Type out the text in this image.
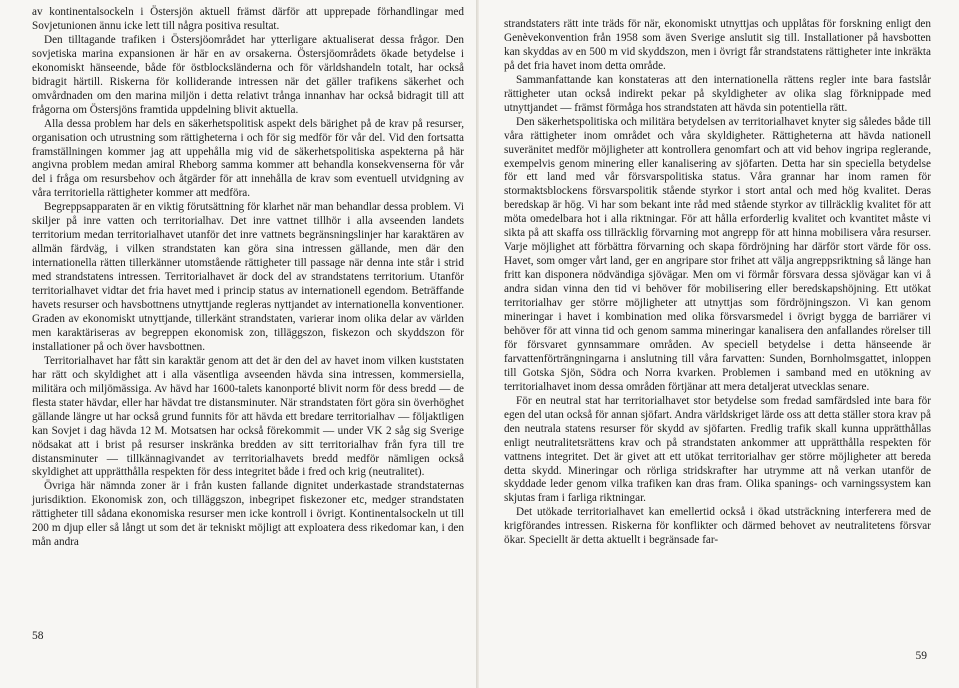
av kontinentalsockeln i Östersjön aktuell främst därför att upprepade förhandlingar med Sovjetunionen ännu icke lett till några positiva resultat.

Den tilltagande trafiken i Östersjöområdet har ytterligare aktualiserat dessa frågor. Den sovjetiska marina expansionen är här en av orsakerna. Östersjöområdets ökade betydelse i ekonomiskt hänseende, både för östblocksländerna och för världshandeln totalt, har också bidragit härtill. Riskerna för kolliderande intressen när det gäller trafikens säkerhet och omvårdnaden om den marina miljön i detta relativt trånga innanhav har också bidragit till att frågorna om Östersjöns framtida uppdelning blivit aktuella.

Alla dessa problem har dels en säkerhetspolitisk aspekt dels bärighet på de krav på resurser, organisation och utrustning som rättigheterna i och för sig medför för vår del. Vid den fortsatta framställningen kommer jag att uppehålla mig vid de säkerhetspolitiska aspekterna på här angivna problem medan amiral Rheborg samma kommer att behandla konsekvenserna för vår del i fråga om resursbehov och åtgärder för att innehålla de krav som eventuell utvidgning av våra territoriella rättigheter kommer att medföra.

Begreppsapparaten är en viktig förutsättning för klarhet när man behandlar dessa problem. Vi skiljer på inre vatten och territorialhav. Det inre vattnet tillhör i alla avseenden landets territorium medan territorialhavet utanför det inre vattnets begränsningslinjer har karaktären av allmän färdväg, i vilken strandstaten kan göra sina intressen gällande, men där den internationella rätten tillerkänner utomstående rättigheter till passage när denna inte står i strid med strandstatens intressen. Territorialhavet är dock del av strandstatens territorium. Utanför territorialhavet vidtar det fria havet med i princip status av internationell egendom. Beträffande havets resurser och havsbottnens utnyttjande regleras nyttjandet av internationella konventioner. Graden av ekonomiskt utnyttjande, tillerkänt strandstaten, varierar inom olika delar av världen men karaktäriseras av begreppen ekonomisk zon, tilläggszon, fiskezon och skyddszon för installationer på och över havsbottnen.

Territorialhavet har fått sin karaktär genom att det är den del av havet inom vilken kuststaten har rätt och skyldighet att i alla väsentliga avseenden hävda sina intressen, kommersiella, militära och miljömässiga. Av hävd har 1600-talets kanonporté blivit norm för dess bredd — de flesta stater hävdar, eller har hävdat tre distansminuter. När strandstaten fört göra sin överhöghet gällande längre ut har också grund funnits för att hävda ett bredare territorialhav — följaktligen kan Sovjet i dag hävda 12 M. Motsatsen har också förekommit — under VK 2 såg sig Sverige nödsakat att i brist på resurser inskränka bredden av sitt territorialhav från fyra till tre distansminuter — tillkännagivandet av territorialhavets bredd medför nämligen också skyldighet att upprätthålla respekten för dess integritet både i fred och krig (neutralitet).

Övriga här nämnda zoner är i från kusten fallande dignitet underkastade strandstaternas jurisdiktion. Ekonomisk zon, och tilläggszon, inbegripet fiskezoner etc, medger strandstaten rättigheter till sådana ekonomiska resurser men icke kontroll i övrigt. Kontinentalsockeln ut till 200 m djup eller så långt ut som det är tekniskt möjligt att exploatera dess rikedomar kan, i den mån andra

strandstaters rätt inte träds för när, ekonomiskt utnyttjas och upplåtas för forskning enligt den Genèvekonvention från 1958 som även Sverige anslutit sig till. Installationer på havsbotten kan skyddas av en 500 m vid skyddszon, men i övrigt får strandstatens rättigheter inte inkräkta på det fria havet inom detta område.

Sammanfattande kan konstateras att den internationella rättens regler inte bara fastslår rättigheter utan också indirekt pekar på skyldigheter av olika slag förknippade med utnyttjandet — främst förmåga hos strandstaten att hävda sin potentiella rätt.

Den säkerhetspolitiska och militära betydelsen av territorialhavet knyter sig således både till våra rättigheter inom området och våra skyldigheter. Rättigheterna att hävda nationell suveränitet medför möjligheter att kontrollera genomfart och att vid behov ingripa reglerande, exempelvis genom minering eller kanalisering av sjöfarten. Detta har sin speciella betydelse för ett land med vår försvarspolitiska status. Våra grannar har inom ramen för stormaktsblockens försvarspolitik stående styrkor i stort antal och med hög kvalitet. Deras beredskap är hög. Vi har som bekant inte råd med stående styrkor av tillräcklig kvalitet för att möta omedelbara hot i alla riktningar. För att hålla erforderlig kvalitet och kvantitet måste vi sikta på att skaffa oss tillräcklig förvarning mot angrepp för att hinna mobilisera våra resurser. Varje möjlighet att förbättra förvarning och skapa fördröjning har därför stort värde för oss. Havet, som omger vårt land, ger en angripare stor frihet att välja angreppsriktning så länge han fritt kan disponera nödvändiga sjövägar. Men om vi förmår försvara dessa sjövägar kan vi å andra sidan vinna den tid vi behöver för mobilisering eller beredskapshöjning. Ett utökat territorialhav ger större möjligheter att utnyttjas som fördröjningszon. Vi kan genom mineringar i havet i kombination med olika försvarsmedel i övrigt bygga de barriärer vi behöver för att vinna tid och genom samma mineringar kanalisera den anfallandes rörelser till för försvaret gynnsammare områden. Av speciell betydelse i detta hänseende är farvattenförträngningarna i anslutning till våra farvatten: Sunden, Bornholmsgattet, inloppen till Gotska Sjön, Södra och Norra kvarken. Problemen i samband med en utökning av territorialhavet inom dessa områden förtjänar att mera detaljerat utvecklas senare.

För en neutral stat har territorialhavet stor betydelse som fredad samfärdsled inte bara för egen del utan också för annan sjöfart. Andra världskriget lärde oss att detta ställer stora krav på den neutrala statens resurser för skydd av sjöfarten. Fredlig trafik skall kunna upprätthållas enligt neutralitetsrättens krav och på strandstaten ankommer att upprätthålla respekten för vattnens integritet. Det är givet att ett utökat territorialhav ger större möjligheter att bereda detta skydd. Mineringar och rörliga stridskrafter har utrymme att nå verkan utanför de skyddade leder genom vilka trafiken kan dras fram. Olika spanings- och varningssystem kan skjutas fram i farliga riktningar.

Det utökade territorialhavet kan emellertid också i ökad utsträckning interferera med de krigförandes intressen. Riskerna för konflikter och därmed behovet av neutralitetens försvar ökar. Speciellt är detta aktuellt i begränsade far-

58
59
